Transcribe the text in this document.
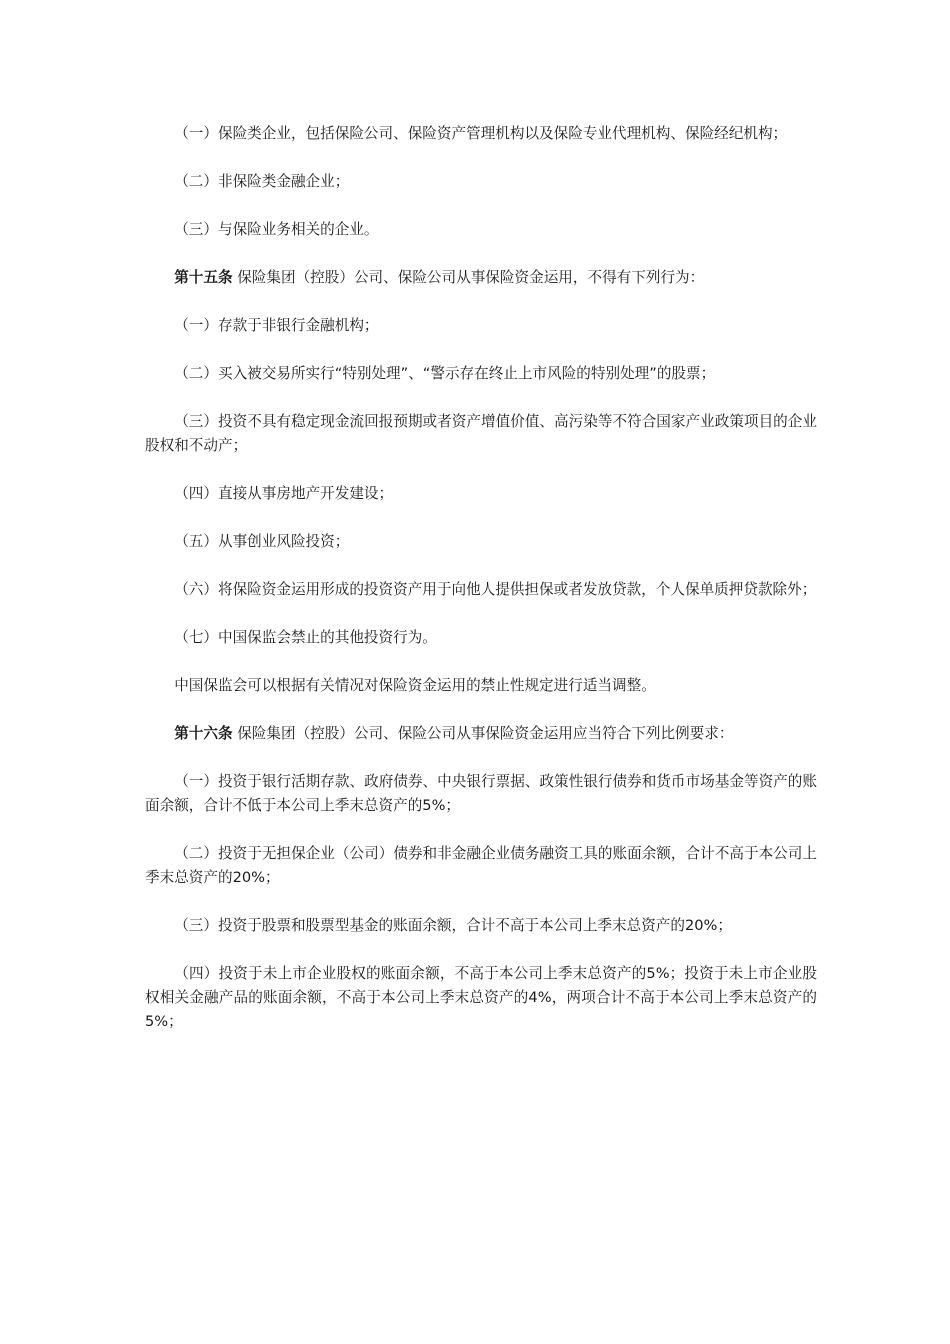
（一）保险类企业，包括保险公司、保险资产管理机构以及保险专业代理机构、保险经纪机构；

（二）非保险类金融企业；

（三）与保险业务相关的企业。

第十五条 保险集团（控股）公司、保险公司从事保险资金运用，不得有下列行为：

（一）存款于非银行金融机构；

（二）买入被交易所实行“特别处理”、“警示存在终止上市风险的特别处理”的股票；

（三）投资不具有稳定现金流回报预期或者资产增值价值、高污染等不符合国家产业政策项目的企业股权和不动产；

（四）直接从事房地产开发建设；

（五）从事创业风险投资；

（六）将保险资金运用形成的投资资产用于向他人提供担保或者发放贷款，个人保单质押贷款除外；

（七）中国保监会禁止的其他投资行为。

中国保监会可以根据有关情况对保险资金运用的禁止性规定进行适当调整。

第十六条 保险集团（控股）公司、保险公司从事保险资金运用应当符合下列比例要求：

（一）投资于银行活期存款、政府债券、中央银行票据、政策性银行债券和货币市场基金等资产的账面余额，合计不低于本公司上季末总资产的5%；

（二）投资于无担保企业（公司）债券和非金融企业债务融资工具的账面余额，合计不高于本公司上季末总资产的20%；

（三）投资于股票和股票型基金的账面余额，合计不高于本公司上季末总资产的20%；

（四）投资于未上市企业股权的账面余额，不高于本公司上季末总资产的5%；投资于未上市企业股权相关金融产品的账面余额，不高于本公司上季末总资产的4%，两项合计不高于本公司上季末总资产的5%；
